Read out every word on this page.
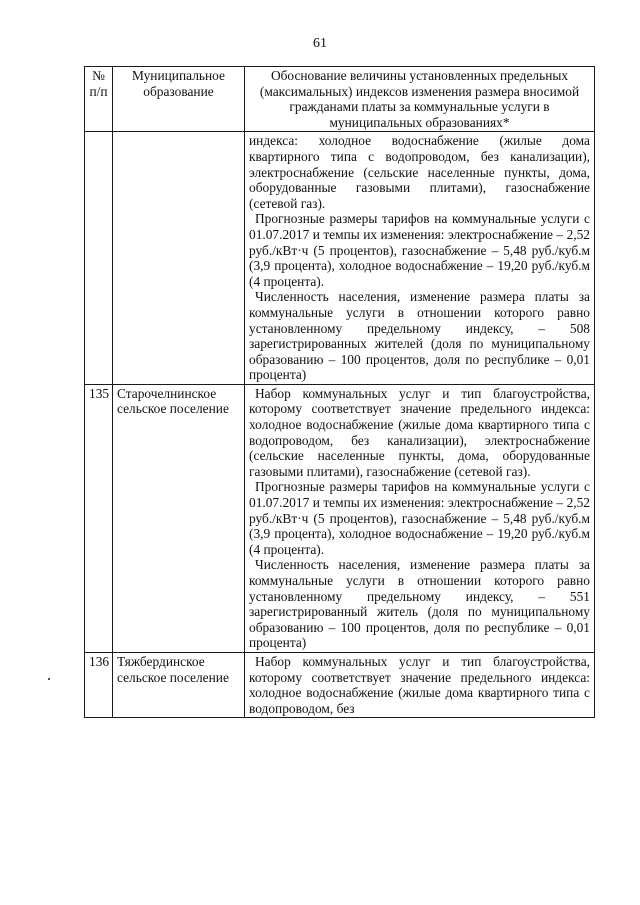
61
№ п/п	Муниципальное образование	Обоснование величины установленных предельных (максимальных) индексов изменения размера вносимой гражданами платы за коммунальные услуги в муниципальных образованиях*

		индекса: холодное водоснабжение (жилые дома квартирного типа с водопроводом, без канализации), электроснабжение (сельские населенные пункты, дома, оборудованные газовыми плитами), газоснабжение (сетевой газ).

Прогнозные размеры тарифов на коммунальные услуги с 01.07.2017 и темпы их изменения: электроснабжение – 2,52 руб./кВт·ч (5 процентов), газоснабжение – 5,48 руб./куб.м (3,9 процента), холодное водоснабжение – 19,20 руб./куб.м (4 процента).

Численность населения, изменение размера платы за коммунальные услуги в отношении которого равно установленному предельному индексу, – 508 зарегистрированных жителей (доля по муниципальному образованию – 100 процентов, доля по республике – 0,01 процента)

135	Старочелнинское сельское поселение	Набор коммунальных услуг и тип благоустройства, которому соответствует значение предельного индекса: холодное водоснабжение (жилые дома квартирного типа с водопроводом, без канализации), электроснабжение (сельские населенные пункты, дома, оборудованные газовыми плитами), газоснабжение (сетевой газ).

Прогнозные размеры тарифов на коммунальные услуги с 01.07.2017 и темпы их изменения: электроснабжение – 2,52 руб./кВт·ч (5 процентов), газоснабжение – 5,48 руб./куб.м (3,9 процента), холодное водоснабжение – 19,20 руб./куб.м (4 процента).

Численность населения, изменение размера платы за коммунальные услуги в отношении которого равно установленному предельному индексу, – 551 зарегистрированный житель (доля по муниципальному образованию – 100 процентов, доля по республике – 0,01 процента)

136	Тяжбердинское сельское поселение	Набор коммунальных услуг и тип благоустройства, которому соответствует значение предельного индекса: холодное водоснабжение (жилые дома квартирного типа с водопроводом, без
